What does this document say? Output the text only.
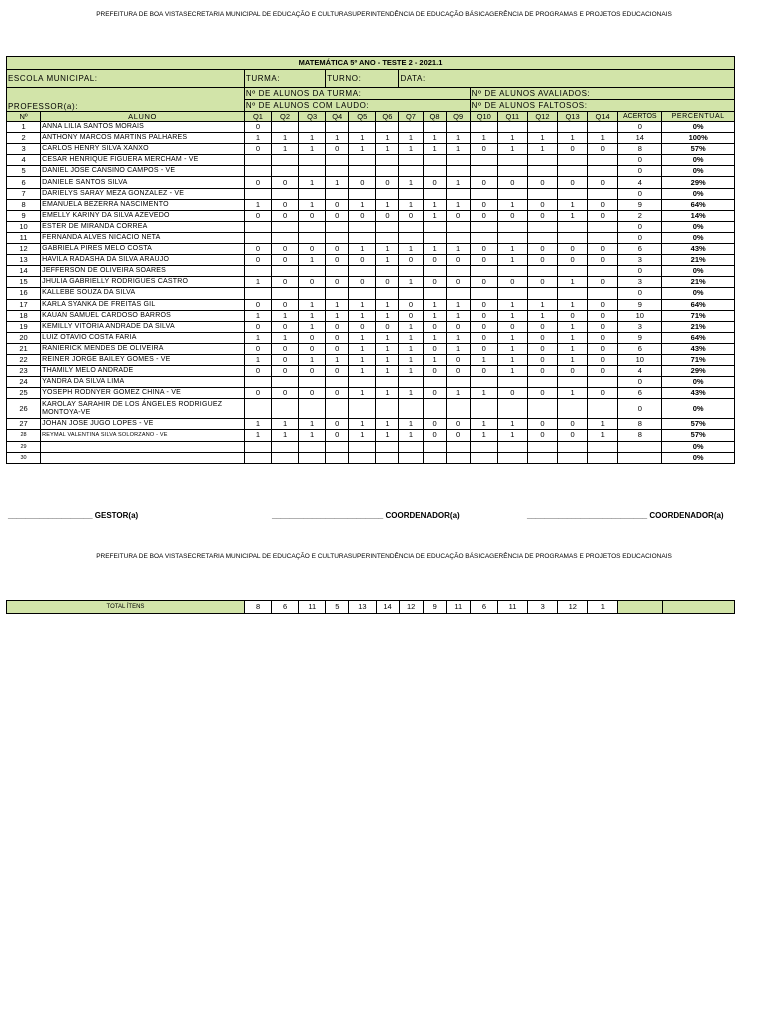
PREFEITURA DE BOA VISTASECRETARIA MUNICIPAL DE EDUCAÇÃO E CULTURASUPERINTENDÊNCIA DE EDUCAÇÃO BÁSICAGERÊNCIA DE PROGRAMAS E PROJETOS EDUCACIONAIS
MATEMÁTICA 5º ANO - TESTE 2 - 2021.1																	
ESCOLA MUNICIPAL:		TURMA:			TURNO:			DATA:									

PROFESSOR(a):		Nº DE ALUNOS DA TURMA:									Nº DE ALUNOS AVALIADOS:						
		Nº DE ALUNOS COM LAUDO:									Nº DE ALUNOS FALTOSOS:						
Nº	ALUNO	Q1	Q2	Q3	Q4	Q5	Q6	Q7	Q8	Q9	Q10	Q11	Q12	Q13	Q14	ACERTOS	PERCENTUAL
1	ANNA LILIA SANTOS MORAIS	0														0	0%
2	ANTHONY MARCOS MARTINS PALHARES	1	1	1	1	1	1	1	1	1	1	1	1	1	1	14	100%
3	CARLOS HENRY SILVA XANXO	0	1	1	0	1	1	1	1	1	0	1	1	0	0	8	57%
4	CESAR HENRIQUE FIGUERA MERCHAM - VE															0	0%
5	DANIEL JOSE CANSINO CAMPOS - VE															0	0%
6	DANIELE SANTOS SILVA	0	0	1	1	0	0	1	0	1	0	0	0	0	0	4	29%
7	DARIELYS SARAY MEZA GONZALEZ - VE															0	0%
8	EMANUELA BEZERRA NASCIMENTO	1	0	1	0	1	1	1	1	1	0	1	0	1	0	9	64%
9	EMELLY KARINY DA SILVA AZEVEDO	0	0	0	0	0	0	0	1	0	0	0	0	1	0	2	14%
10	ESTER DE MIRANDA CORREA															0	0%
11	FERNANDA ALVES NICACIO NETA															0	0%
12	GABRIELA PIRES MELO COSTA	0	0	0	0	1	1	1	1	1	0	1	0	0	0	6	43%
13	HAVILA RADASHA DA SILVA ARAÚJO	0	0	1	0	0	1	0	0	0	0	1	0	0	0	3	21%
14	JEFFERSON DE OLIVEIRA SOARES															0	0%
15	JHULIA GABRIELLY RODRIGUES CASTRO	1	0	0	0	0	0	1	0	0	0	0	0	1	0	3	21%
16	KALLEBE SOUZA DA SILVA															0	0%
17	KARLA SYANKA DE FREITAS GIL	0	0	1	1	1	1	0	1	1	0	1	1	1	0	9	64%
18	KAUAN SAMUEL CARDOSO BARROS	1	1	1	1	1	1	0	1	1	0	1	1	0	0	10	71%
19	KEMILLY VITÓRIA ANDRADE DA SILVA	0	0	1	0	0	0	1	0	0	0	0	0	1	0	3	21%
20	LUIZ OTAVIO COSTA FARIA	1	1	0	0	1	1	1	1	1	0	1	0	1	0	9	64%
21	RANIERICK MENDES DE OLIVEIRA	0	0	0	0	1	1	1	0	1	0	1	0	1	0	6	43%
22	REINER JORGE BAILEY GOMES - VE	1	0	1	1	1	1	1	1	0	1	1	0	1	0	10	71%
23	THAMILY MELO ANDRADE	0	0	0	0	1	1	1	0	0	0	1	0	0	0	4	29%
24	YANDRA DA SILVA LIMA															0	0%
25	YOSEPH RODNYER GOMEZ CHINA - VE	0	0	0	0	1	1	1	0	1	1	0	0	1	0	6	43%
26	KAROLAY SARAHIR DE LOS ÁNGELES RODRIGUEZ MONTOYA-VE															0	0%
27	JOHAN JOSE JUGO LOPES - VE	1	1	1	0	1	1	1	0	0	1	1	0	0	1	8	57%
28	REYMAL VALENTINA SILVA SOLORZANO - VE	1	1	1	0	1	1	1	0	0	1	1	0	0	1	8	57%
29																	0%
30																	0%
___________________ GESTOR(a)	_________________________ COORDENADOR(a)	___________________________ COORDENADOR(a)
PREFEITURA DE BOA VISTASECRETARIA MUNICIPAL DE EDUCAÇÃO E CULTURASUPERINTENDÊNCIA DE EDUCAÇÃO BÁSICAGERÊNCIA DE PROGRAMAS E PROJETOS EDUCACIONAIS
TOTAL ÍTENS	8	6	11	5	13	14	12	9	11	6	11	3	12	1		
